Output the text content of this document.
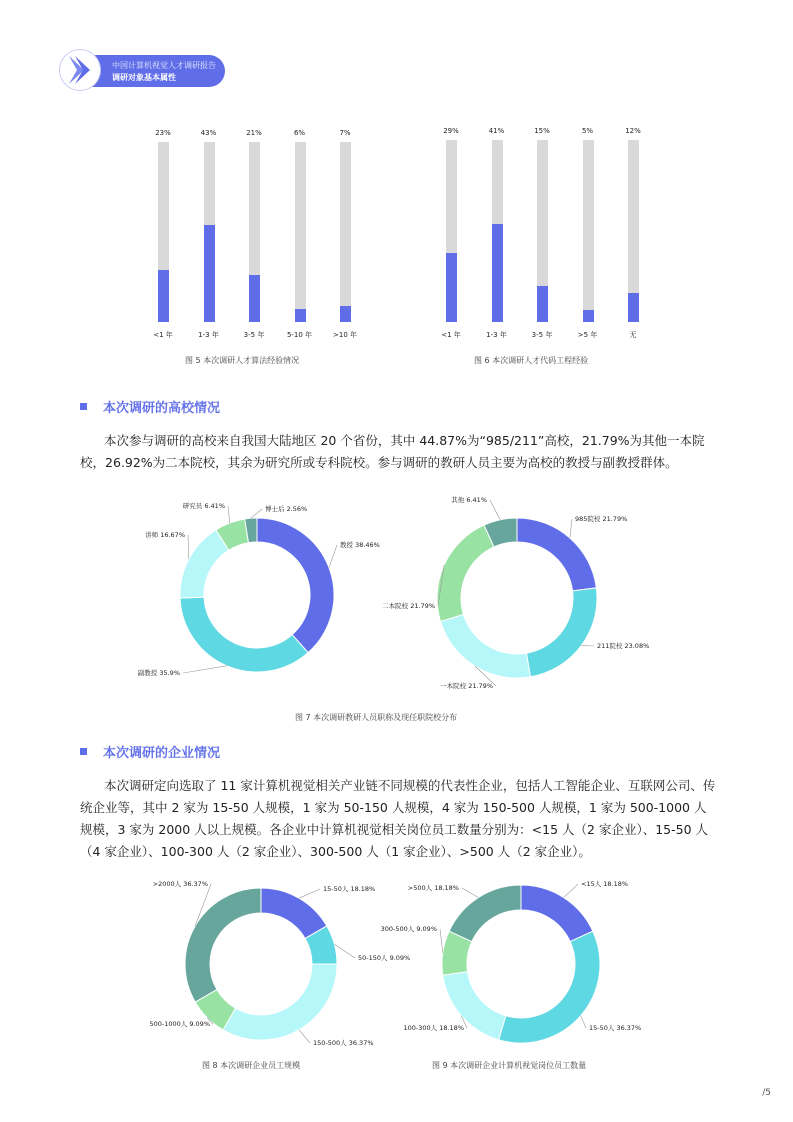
中国计算机视觉人才调研报告
调研对象基本属性
23%
<1 年
43%
1-3 年
21%
3-5 年
6%
5-10 年
7%
>10 年
图 5 本次调研人才算法经验情况
29%
<1 年
41%
1-3 年
15%
3-5 年
5%
>5 年
12%
无
图 6 本次调研人才代码工程经验
本次调研的高校情况
本次参与调研的高校来自我国大陆地区 20 个省份，其中 44.87%为“985/211”高校，21.79%为其他一本院校，26.92%为二本院校，其余为研究所或专科院校。参与调研的教研人员主要为高校的教授与副教授群体。
教授 38.46%
副教授 35.9%
讲师 16.67%
研究员 6.41%	博士后 2.56%
985院校 21.79%
211院校 23.08%
一本院校 21.79%
二本院校 21.79%
其他 6.41%
图 7 本次调研教研人员职称及现任职院校分布
本次调研的企业情况
本次调研定向选取了 11 家计算机视觉相关产业链不同规模的代表性企业，包括人工智能企业、互联网公司、传统企业等，其中 2 家为 15-50 人规模，1 家为 50-150 人规模，4 家为 150-500 人规模，1 家为 500-1000 人规模，3 家为 2000 人以上规模。各企业中计算机视觉相关岗位员工数量分别为：<15 人（2 家企业）、15-50 人（4 家企业）、100-300 人（2 家企业）、300-500 人（1 家企业）、>500 人（2 家企业）。
15-50人 18.18%
50-150人 9.09%
150-500人 36.37%
500-1000人 9.09%
>2000人 36.37%	<15人 18.18%
15-50人 36.37%
100-300人 18.18%
300-500人 9.09%
>500人 18.18%
图 8 本次调研企业员工规模	图 9 本次调研企业计算机视觉岗位员工数量
/5
